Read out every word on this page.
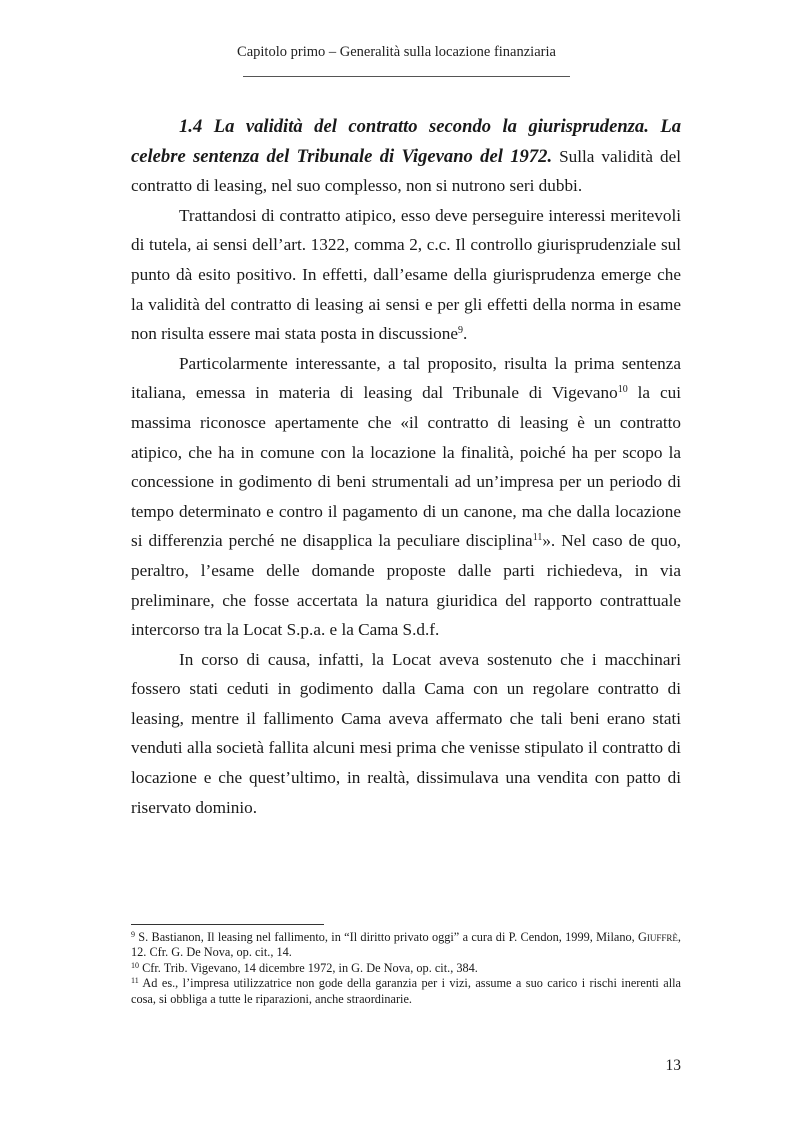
Capitolo primo – Generalità sulla locazione finanziaria

1.4 La validità del contratto secondo la giurisprudenza. La celebre sentenza del Tribunale di Vigevano del 1972. Sulla validità del contratto di leasing, nel suo complesso, non si nutrono seri dubbi.

Trattandosi di contratto atipico, esso deve perseguire interessi meritevoli di tutela, ai sensi dell’art. 1322, comma 2, c.c. Il controllo giurisprudenziale sul punto dà esito positivo. In effetti, dall’esame della giurisprudenza emerge che la validità del contratto di leasing ai sensi e per gli effetti della norma in esame non risulta essere mai stata posta in discussione$^9$.

Particolarmente interessante, a tal proposito, risulta la prima sentenza italiana, emessa in materia di leasing dal Tribunale di Vigevano$^{10}$ la cui massima riconosce apertamente che «il contratto di leasing è un contratto atipico, che ha in comune con la locazione la finalità, poiché ha per scopo la concessione in godimento di beni strumentali ad un’impresa per un periodo di tempo determinato e contro il pagamento di un canone, ma che dalla locazione si differenzia perché ne disapplica la peculiare disciplina$^{11}$». Nel caso de quo, peraltro, l’esame delle domande proposte dalle parti richiedeva, in via preliminare, che fosse accertata la natura giuridica del rapporto contrattuale intercorso tra la Locat S.p.a. e la Cama S.d.f.

In corso di causa, infatti, la Locat aveva sostenuto che i macchinari fossero stati ceduti in godimento dalla Cama con un regolare contratto di leasing, mentre il fallimento Cama aveva affermato che tali beni erano stati venduti alla società fallita alcuni mesi prima che venisse stipulato il contratto di locazione e che quest’ultimo, in realtà, dissimulava una vendita con patto di riservato dominio.

$^9$ S. Bastianon, Il leasing nel fallimento, in “Il diritto privato oggi” a cura di P. Cendon, 1999, Milano, Giuffrè, 12. Cfr. G. De Nova, op. cit., 14.

$^{10}$ Cfr. Trib. Vigevano, 14 dicembre 1972, in G. De Nova, op. cit., 384.

$^{11}$ Ad es., l’impresa utilizzatrice non gode della garanzia per i vizi, assume a suo carico i rischi inerenti alla cosa, si obbliga a tutte le riparazioni, anche straordinarie.

13
